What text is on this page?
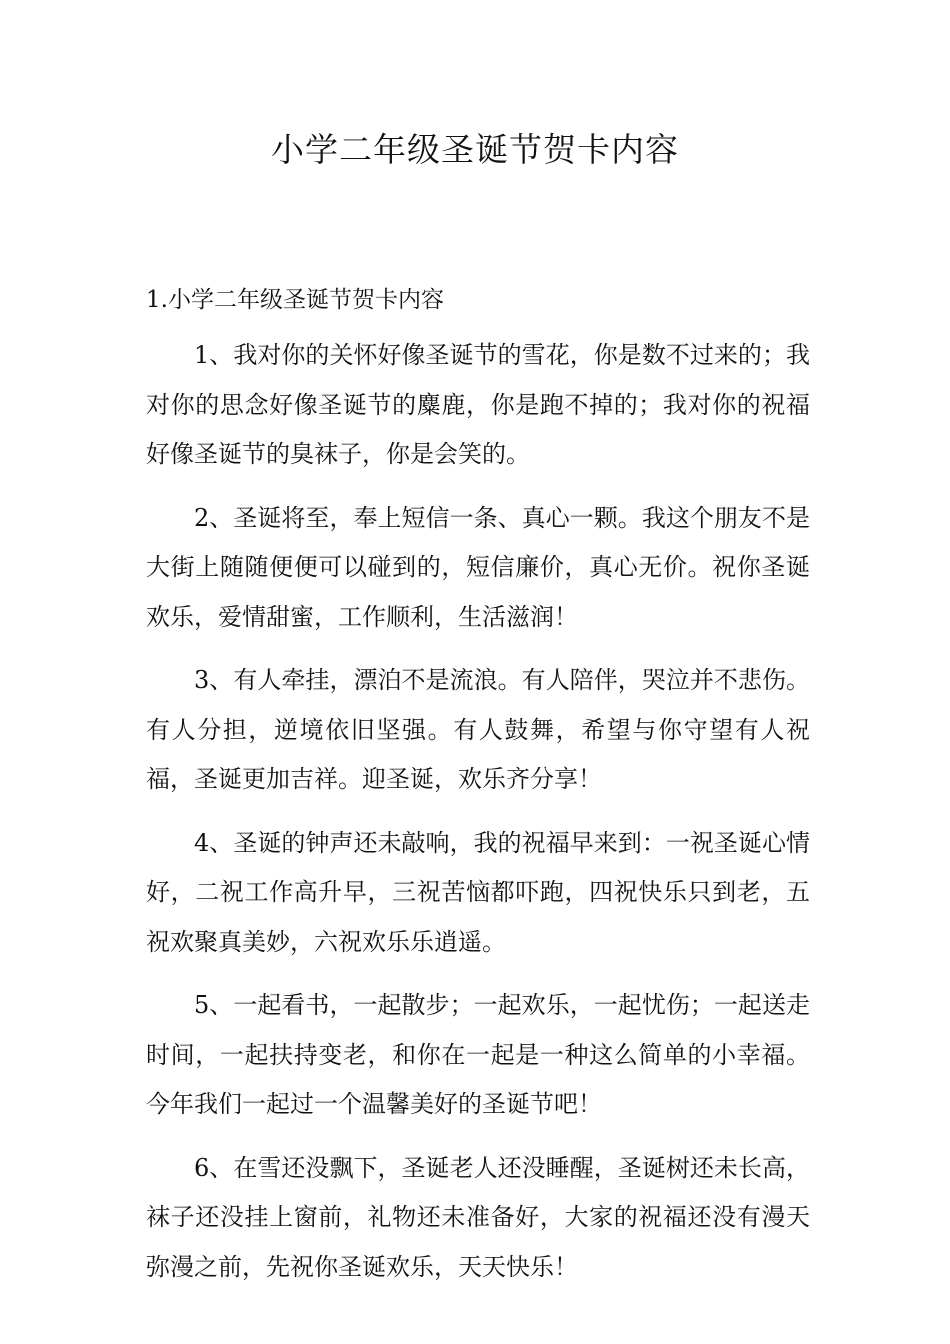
小学二年级圣诞节贺卡内容

1.小学二年级圣诞节贺卡内容

1、我对你的关怀好像圣诞节的雪花，你是数不过来的；我对你的思念好像圣诞节的麋鹿，你是跑不掉的；我对你的祝福好像圣诞节的臭袜子，你是会笑的。

2、圣诞将至，奉上短信一条、真心一颗。我这个朋友不是大街上随随便便可以碰到的，短信廉价，真心无价。祝你圣诞欢乐，爱情甜蜜，工作顺利，生活滋润！

3、有人牵挂，漂泊不是流浪。有人陪伴，哭泣并不悲伤。有人分担，逆境依旧坚强。有人鼓舞，希望与你守望有人祝福，圣诞更加吉祥。迎圣诞，欢乐齐分享！

4、圣诞的钟声还未敲响，我的祝福早来到：一祝圣诞心情好，二祝工作高升早，三祝苦恼都吓跑，四祝快乐只到老，五祝欢聚真美妙，六祝欢乐乐逍遥。

5、一起看书，一起散步；一起欢乐，一起忧伤；一起送走时间，一起扶持变老，和你在一起是一种这么简单的小幸福。今年我们一起过一个温馨美好的圣诞节吧！

6、在雪还没飘下，圣诞老人还没睡醒，圣诞树还未长高，袜子还没挂上窗前，礼物还未准备好，大家的祝福还没有漫天弥漫之前，先祝你圣诞欢乐，天天快乐！
